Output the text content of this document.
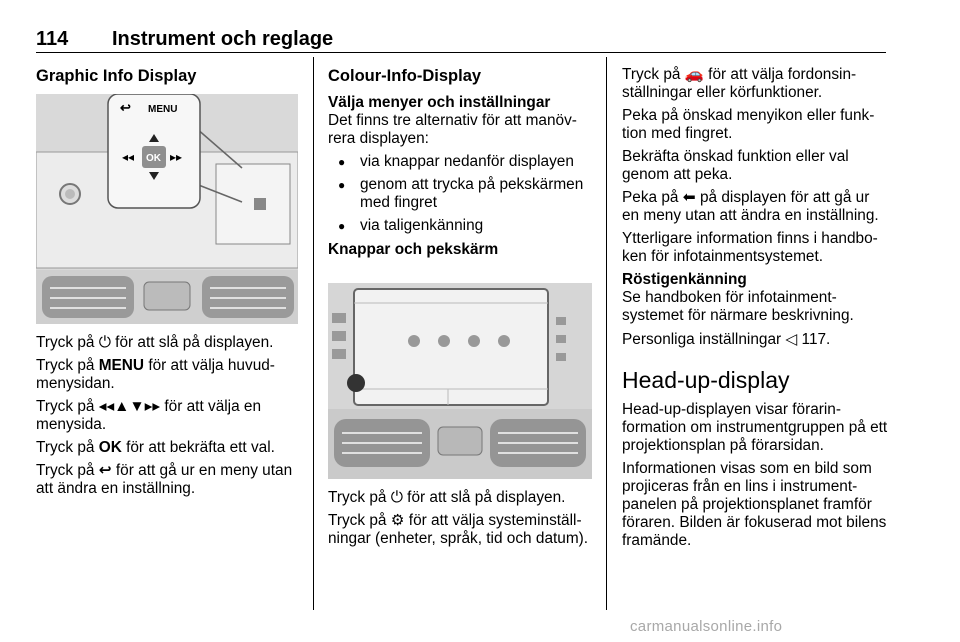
114 Instrument och reglage
Graphic Info Display
↩ MENU
OK
◂◂	▸▸

Tryck på ⏻ för att slå på displayen.

Tryck på MENU för att välja huvud-menysidan.

Tryck på ◂◂▲▼▸▸ för att välja en menysida.

Tryck på OK för att bekräfta ett val.

Tryck på ↩ för att gå ur en meny utan att ändra en inställning.

Colour-Info-Display
Välja menyer och inställningar

Det finns tre alternativ för att manöv-rera displayen:

● via knappar nedanför displayen
● genom att trycka på pekskärmen med fingret
● via taligenkänning
Knappar och pekskärm

Tryck på ⏻ för att slå på displayen.

Tryck på ⚙ för att välja systeminställ-ningar (enheter, språk, tid och datum).

Tryck på 🚗 för att välja fordonsin-ställningar eller körfunktioner.

Peka på önskad menyikon eller funk-tion med fingret.

Bekräfta önskad funktion eller val genom att peka.

Peka på ⬅ på displayen för att gå ur en meny utan att ändra en inställning.

Ytterligare information finns i handbo-ken för infotainmentsystemet.

Röstigenkänning

Se handboken för infotainment-systemet för närmare beskrivning.

Personliga inställningar ◁ 117.

Head-up-display

Head-up-displayen visar förarin-formation om instrumentgruppen på ett projektionsplan på förarsidan.

Informationen visas som en bild som projiceras från en lins i instrument-panelen på projektionsplanet framför föraren. Bilden är fokuserad mot bilens framände.

carmanualsonline.info
